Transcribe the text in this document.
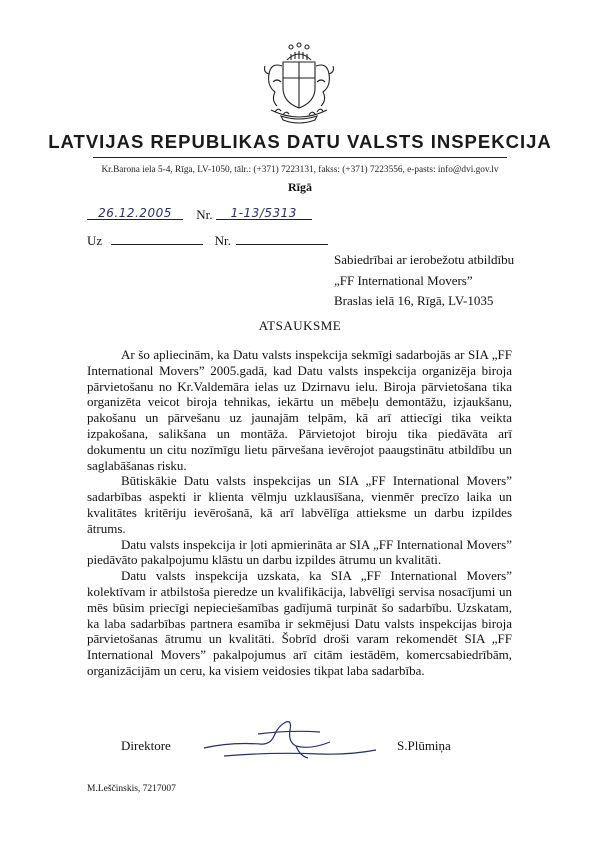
LATVIJAS REPUBLIKAS DATU VALSTS INSPEKCIJA
Kr.Barona iela 5-4, Rīga, LV-1050, tālr.: (+371) 7223131, fakss: (+371) 7223556, e-pasts: info@dvi.gov.lv
Rīgā
26.12.2005 Nr. 1-13/5313
Uz	Nr.
Sabiedrībai ar ierobežotu atbildību
„FF International Movers”
Braslas ielā 16, Rīgā, LV-1035
ATSAUKSME

Ar šo apliecinām, ka Datu valsts inspekcija sekmīgi sadarbojās ar SIA „FF International Movers” 2005.gadā, kad Datu valsts inspekcija organizēja biroja pārvietošanu no Kr.Valdemāra ielas uz Dzirnavu ielu. Biroja pārvietošana tika organizēta veicot biroja tehnikas, iekārtu un mēbeļu demontāžu, izjaukšanu, pakošanu un pārvešanu uz jaunajām telpām, kā arī attiecīgi tika veikta izpakošana, salikšana un montāža. Pārvietojot biroju tika piedāvāta arī dokumentu un citu nozīmīgu lietu pārvešana ievērojot paaugstinātu atbildību un saglabāšanas risku.

Būtiskākie Datu valsts inspekcijas un SIA „FF International Movers” sadarbības aspekti ir klienta vēlmju uzklausīšana, vienmēr precīzo laika un kvalitātes kritēriju ievērošanā, kā arī labvēlīga attieksme un darbu izpildes ātrums.

Datu valsts inspekcija ir ļoti apmierināta ar SIA „FF International Movers” piedāvāto pakalpojumu klāstu un darbu izpildes ātrumu un kvalitāti.

Datu valsts inspekcija uzskata, ka SIA „FF International Movers” kolektīvam ir atbilstoša pieredze un kvalifikācija, labvēlīgi servisa nosacījumi un mēs būsim priecīgi nepieciešamības gadījumā turpināt šo sadarbību. Uzskatam, ka laba sadarbības partnera esamība ir sekmējusi Datu valsts inspekcijas biroja pārvietošanas ātrumu un kvalitāti. Šobrīd droši varam rekomendēt SIA „FF International Movers” pakalpojumus arī citām iestādēm, komercsabiedrībām, organizācijām un ceru, ka visiem veidosies tikpat laba sadarbība.

Direktore	S.Plūmiņa
M.Leščinskis, 7217007
